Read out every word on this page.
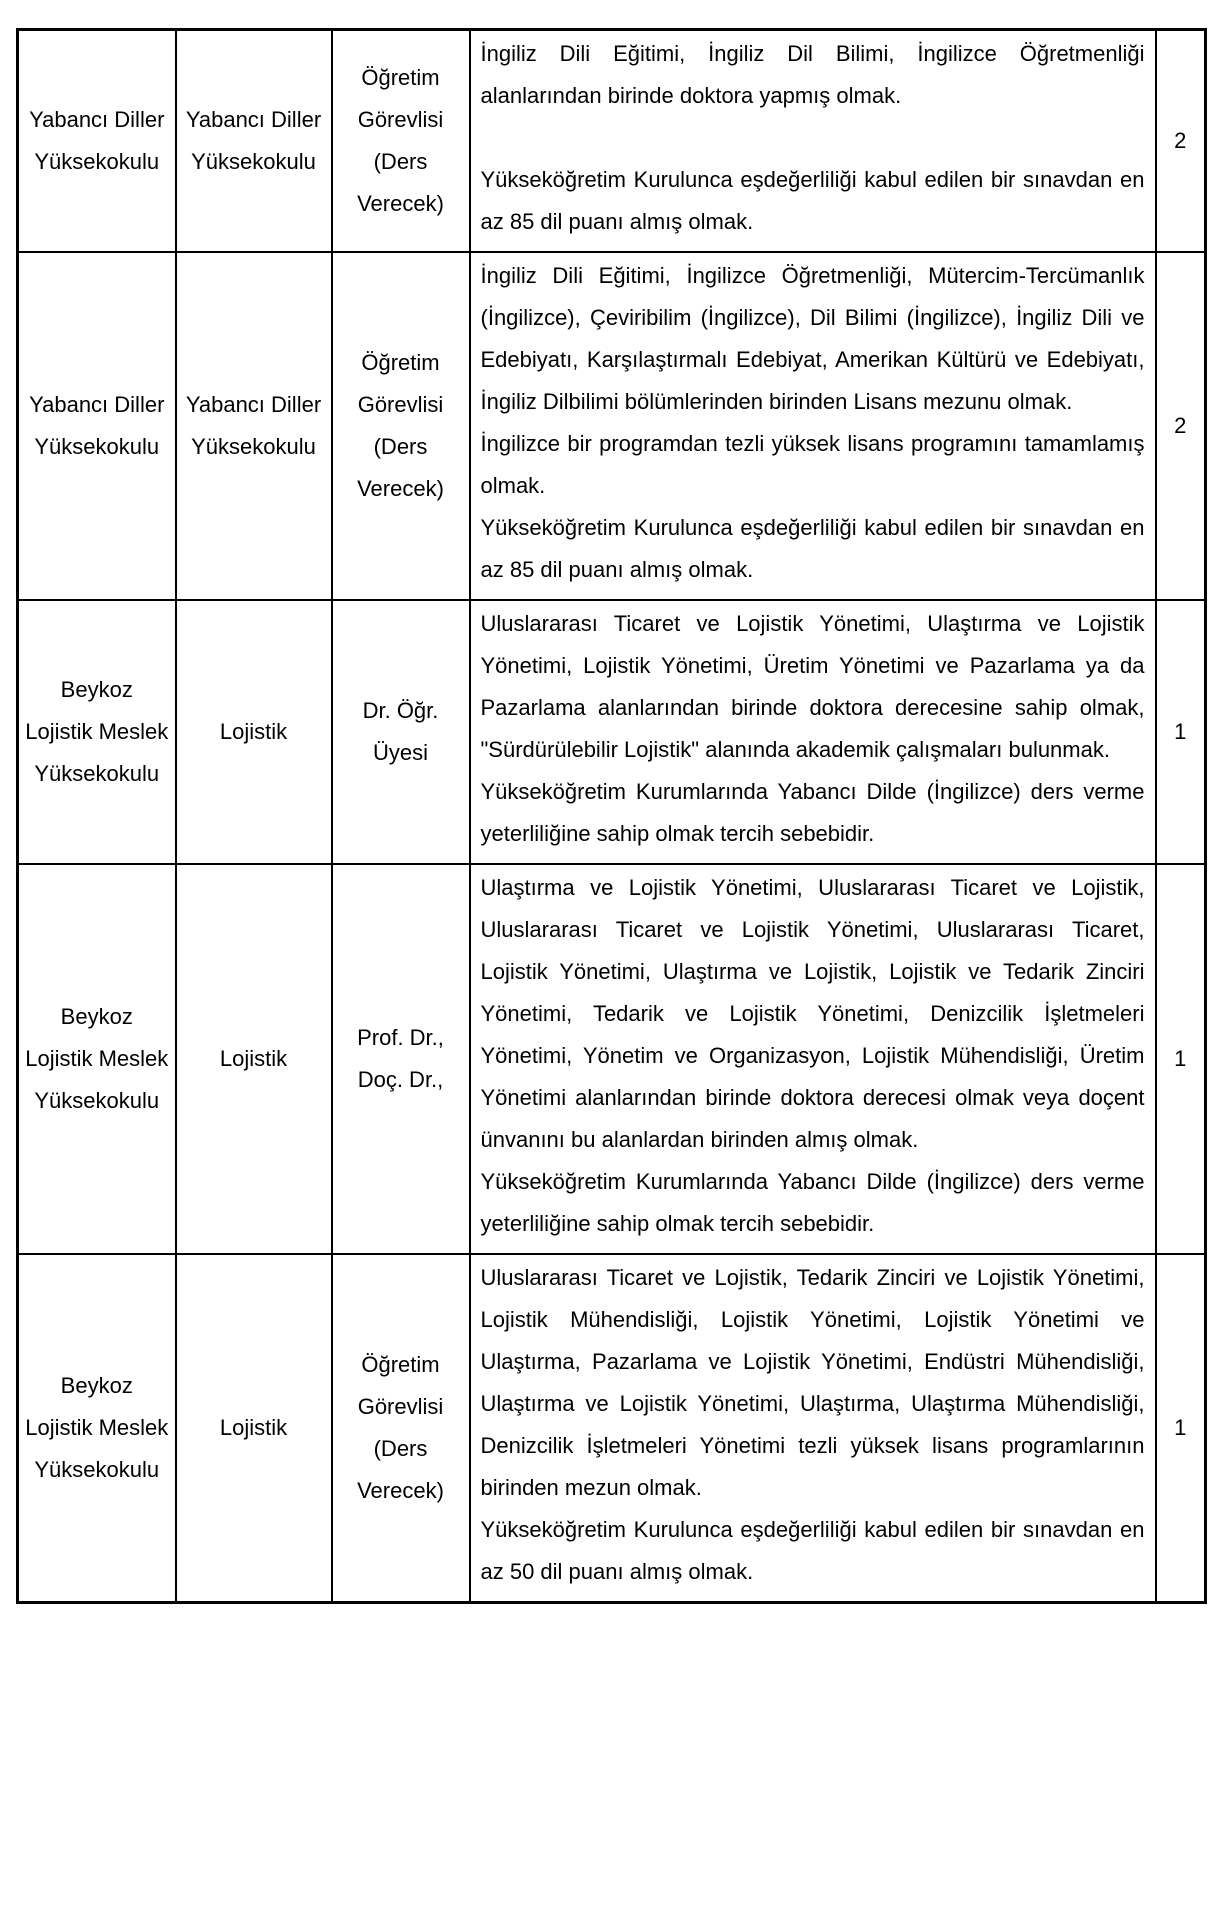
Yabancı Diller Yüksekokulu	Yabancı Diller Yüksekokulu	Öğretim Görevlisi (Ders Verecek)	İngiliz Dili Eğitimi, İngiliz Dil Bilimi, İngilizce Öğretmenliği alanlarından birinde doktora yapmış olmak.

Yükseköğretim Kurulunca eşdeğerliliği kabul edilen bir sınavdan en az 85 dil puanı almış olmak.	2
Yabancı Diller Yüksekokulu	Yabancı Diller Yüksekokulu	Öğretim Görevlisi (Ders Verecek)	İngiliz Dili Eğitimi, İngilizce Öğretmenliği, Mütercim-Tercümanlık (İngilizce), Çeviribilim (İngilizce), Dil Bilimi (İngilizce), İngiliz Dili ve Edebiyatı, Karşılaştırmalı Edebiyat, Amerikan Kültürü ve Edebiyatı, İngiliz Dilbilimi bölümlerinden birinden Lisans mezunu olmak.

İngilizce bir programdan tezli yüksek lisans programını tamamlamış olmak.

Yükseköğretim Kurulunca eşdeğerliliği kabul edilen bir sınavdan en az 85 dil puanı almış olmak.	2
Beykoz Lojistik Meslek Yüksekokulu	Lojistik	Dr. Öğr. Üyesi	Uluslararası Ticaret ve Lojistik Yönetimi, Ulaştırma ve Lojistik Yönetimi, Lojistik Yönetimi, Üretim Yönetimi ve Pazarlama ya da Pazarlama alanlarından birinde doktora derecesine sahip olmak, "Sürdürülebilir Lojistik" alanında akademik çalışmaları bulunmak.

Yükseköğretim Kurumlarında Yabancı Dilde (İngilizce) ders verme yeterliliğine sahip olmak tercih sebebidir.	1
Beykoz Lojistik Meslek Yüksekokulu	Lojistik	Prof. Dr., Doç. Dr.,	Ulaştırma ve Lojistik Yönetimi, Uluslararası Ticaret ve Lojistik, Uluslararası Ticaret ve Lojistik Yönetimi, Uluslararası Ticaret, Lojistik Yönetimi, Ulaştırma ve Lojistik, Lojistik ve Tedarik Zinciri Yönetimi, Tedarik ve Lojistik Yönetimi, Denizcilik İşletmeleri Yönetimi, Yönetim ve Organizasyon, Lojistik Mühendisliği, Üretim Yönetimi alanlarından birinde doktora derecesi olmak veya doçent ünvanını bu alanlardan birinden almış olmak.

Yükseköğretim Kurumlarında Yabancı Dilde (İngilizce) ders verme yeterliliğine sahip olmak tercih sebebidir.	1
Beykoz Lojistik Meslek Yüksekokulu	Lojistik	Öğretim Görevlisi (Ders Verecek)	Uluslararası Ticaret ve Lojistik, Tedarik Zinciri ve Lojistik Yönetimi, Lojistik Mühendisliği, Lojistik Yönetimi, Lojistik Yönetimi ve Ulaştırma, Pazarlama ve Lojistik Yönetimi, Endüstri Mühendisliği, Ulaştırma ve Lojistik Yönetimi, Ulaştırma, Ulaştırma Mühendisliği, Denizcilik İşletmeleri Yönetimi tezli yüksek lisans programlarının birinden mezun olmak.

Yükseköğretim Kurulunca eşdeğerliliği kabul edilen bir sınavdan en az 50 dil puanı almış olmak.	1
